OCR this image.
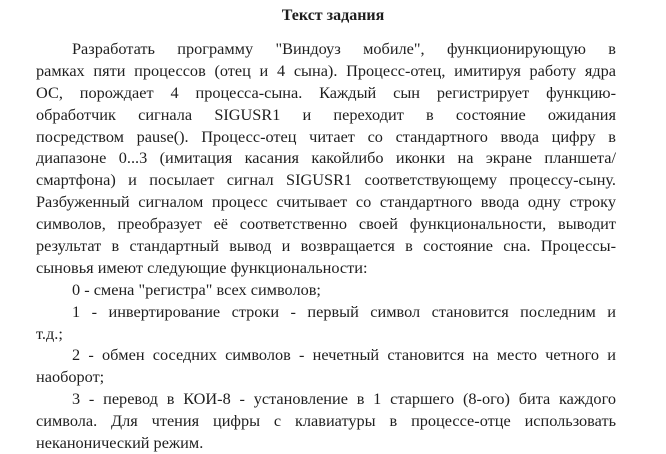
Текст задания
Разработать программу "Виндоуз мобиле", функционирующую в
рамках пяти процессов (отец и 4 сына). Процесс-отец, имитируя работу ядра
ОС, порождает 4 процесса-сына. Каждый сын регистрирует функцию-
обработчик сигнала SIGUSR1 и переходит в состояние ожидания
посредством pause(). Процесс-отец читает со стандартного ввода цифру в
диапазоне 0...3 (имитация касания какойлибо иконки на экране планшета/
смартфона) и посылает сигнал SIGUSR1 соответствующему процессу-сыну.
Разбуженный сигналом процесс считывает со стандартного ввода одну строку
символов, преобразует её соответственно своей функциональности, выводит
результат в стандартный вывод и возвращается в состояние сна. Процессы-
сыновья имеют следующие функциональности:
0 - смена "регистра" всех символов;
1 - инвертирование строки - первый символ становится последним и
т.д.;
2 - обмен соседних символов - нечетный становится на место четного и
наоборот;
3 - перевод в КОИ-8 - установление в 1 старшего (8-ого) бита каждого
символа. Для чтения цифры с клавиатуры в процессе-отце использовать
неканонический режим.
